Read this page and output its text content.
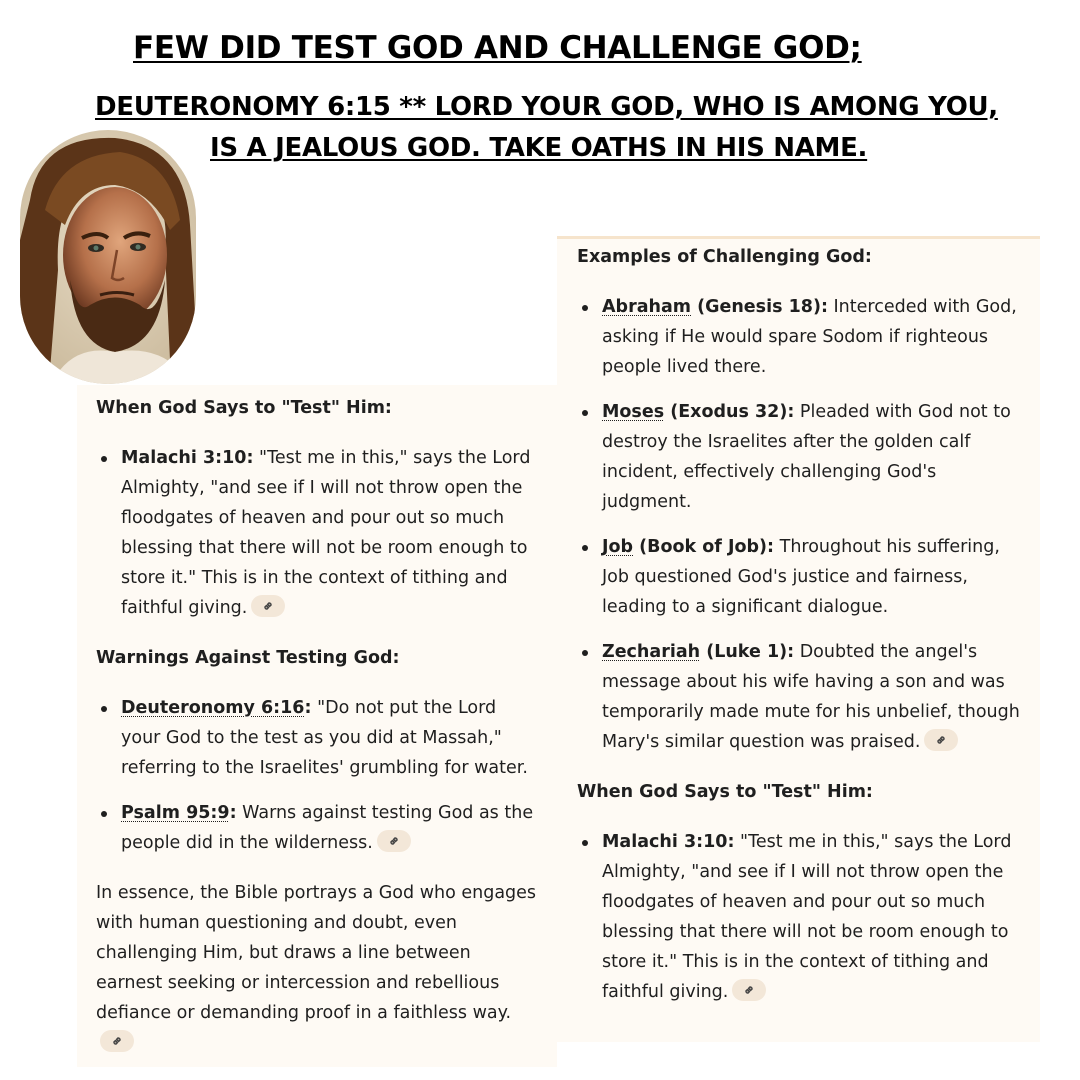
FEW DID TEST GOD AND CHALLENGE GOD;
DEUTERONOMY 6:15 ** LORD YOUR GOD, WHO IS AMONG YOU,
IS A JEALOUS GOD. TAKE OATHS IN HIS NAME.

When God Says to "Test" Him:

Malachi 3:10: "Test me in this," says the Lord Almighty, "and see if I will not throw open the floodgates of heaven and pour out so much blessing that there will not be room enough to store it." This is in the context of tithing and faithful giving.

Warnings Against Testing God:

Deuteronomy 6:16: "Do not put the Lord your God to the test as you did at Massah," referring to the Israelites' grumbling for water.
Psalm 95:9: Warns against testing God as the people did in the wilderness.

In essence, the Bible portrays a God who engages with human questioning and doubt, even challenging Him, but draws a line between earnest seeking or intercession and rebellious defiance or demanding proof in a faithless way.

Examples of Challenging God:

Abraham (Genesis 18): Interceded with God, asking if He would spare Sodom if righteous people lived there.
Moses (Exodus 32): Pleaded with God not to destroy the Israelites after the golden calf incident, effectively challenging God's judgment.
Job (Book of Job): Throughout his suffering, Job questioned God's justice and fairness, leading to a significant dialogue.
Zechariah (Luke 1): Doubted the angel's message about his wife having a son and was temporarily made mute for his unbelief, though Mary's similar question was praised.

When God Says to "Test" Him:

Malachi 3:10: "Test me in this," says the Lord Almighty, "and see if I will not throw open the floodgates of heaven and pour out so much blessing that there will not be room enough to store it." This is in the context of tithing and faithful giving.
